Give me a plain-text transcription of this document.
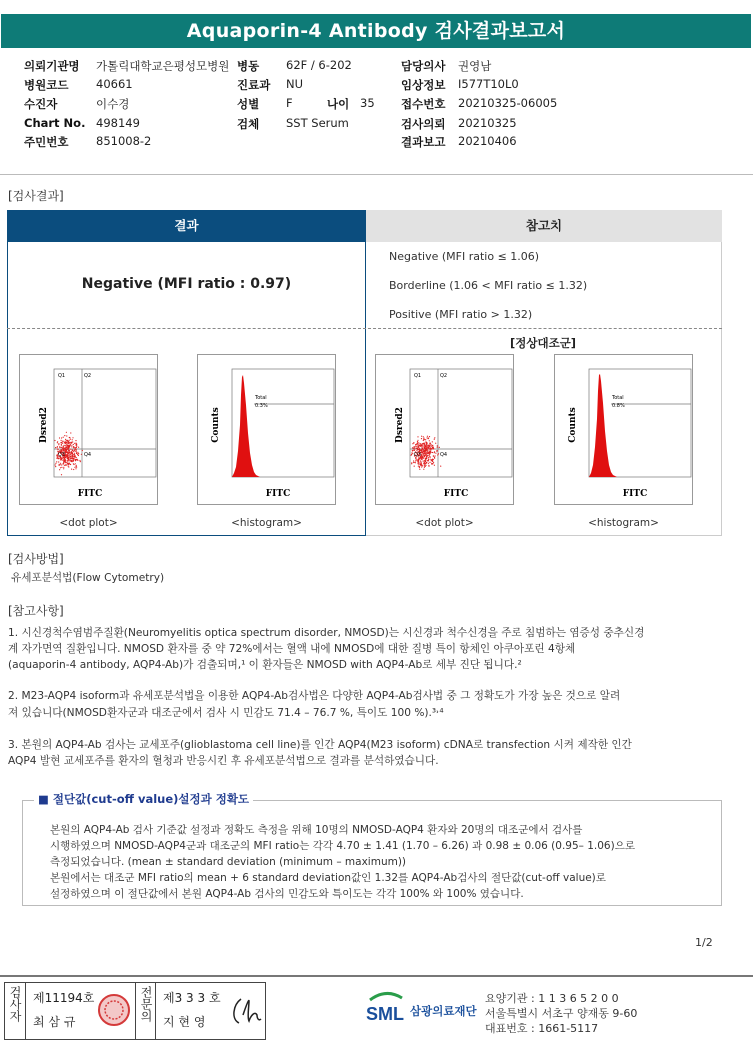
Aquaporin-4 Antibody 검사결과보고서
의뢰기관명 가톨릭대학교은평성모병원 병동 62F / 6-202	담당의사 권영남
병원코드 40661	진료과 NU	임상정보 I577T10L0
수진자	이수경	성별 F	나이 35 접수번호 20210325-06005
Chart No. 498149	검체 SST Serum	검사의뢰 20210325
주민번호 851008-2	결과보고 20210406
[검사결과]
결과	참고치
Negative (MFI ratio : 0.97)
Negative (MFI ratio ≤ 1.06)
Borderline (1.06 < MFI ratio ≤ 1.32)
Positive (MFI ratio > 1.32)
[정상대조군]
Q1	Q2
Q3	Q4
FITC
Dsred2
<dot plot>
Total
0.3%
FITC
Counts
<histogram>
Q1	Q2
Q3	Q4
FITC
Dsred2
<dot plot>
Total
0.8%
FITC
Counts
<histogram>
[검사방법]
유세포분석법(Flow Cytometry)
[참고사항]
1. 시신경척수염범주질환(Neuromyelitis optica spectrum disorder, NMOSD)는 시신경과 척수신경을 주로 침범하는 염증성 중추신경
계 자가면역 질환입니다. NMOSD 환자를 중 약 72%에서는 혈액 내에 NMOSD에 대한 질병 특이 항체인 아쿠아포린 4항체
(aquaporin-4 antibody, AQP4-Ab)가 검출되며,¹ 이 환자들은 NMOSD with AQP4-Ab로 세부 진단 됩니다.²
2. M23-AQP4 isoform과 유세포분석법을 이용한 AQP4-Ab검사법은 다양한 AQP4-Ab검사법 중 그 정확도가 가장 높은 것으로 알려
져 있습니다(NMOSD환자군과 대조군에서 검사 시 민감도 71.4 – 76.7 %, 특이도 100 %).³˒⁴
3. 본원의 AQP4-Ab 검사는 교세포주(glioblastoma cell line)를 인간 AQP4(M23 isoform) cDNA로 transfection 시켜 제작한 인간
AQP4 발현 교세포주를 환자의 혈청과 반응시킨 후 유세포분석법으로 결과를 분석하였습니다.
■ 절단값(cut-off value)설정과 정확도
본원의 AQP4-Ab 검사 기준값 설정과 정확도 측정을 위해 10명의 NMOSD-AQP4 환자와 20명의 대조군에서 검사를
시행하였으며 NMOSD-AQP4군과 대조군의 MFI ratio는 각각 4.70 ± 1.41 (1.70 – 6.26) 과 0.98 ± 0.06 (0.95– 1.06)으로
측정되었습니다. (mean ± standard deviation (minimum – maximum))
본원에서는 대조군 MFI ratio의 mean + 6 standard deviation값인 1.32를 AQP4-Ab검사의 절단값(cut-off value)로
설정하였으며 이 절단값에서 본원 AQP4-Ab 검사의 민감도와 특이도는 각각 100% 와 100% 였습니다.
1/2
검사자 제11194호
최 삼 규	전문의 제3 3 3 호
지 현 영	SML 삼광의료재단
요양기관 : 1 1 3 6 5 2 0 0
서울특별시 서초구 양재동 9-60
대표번호 : 1661-5117
